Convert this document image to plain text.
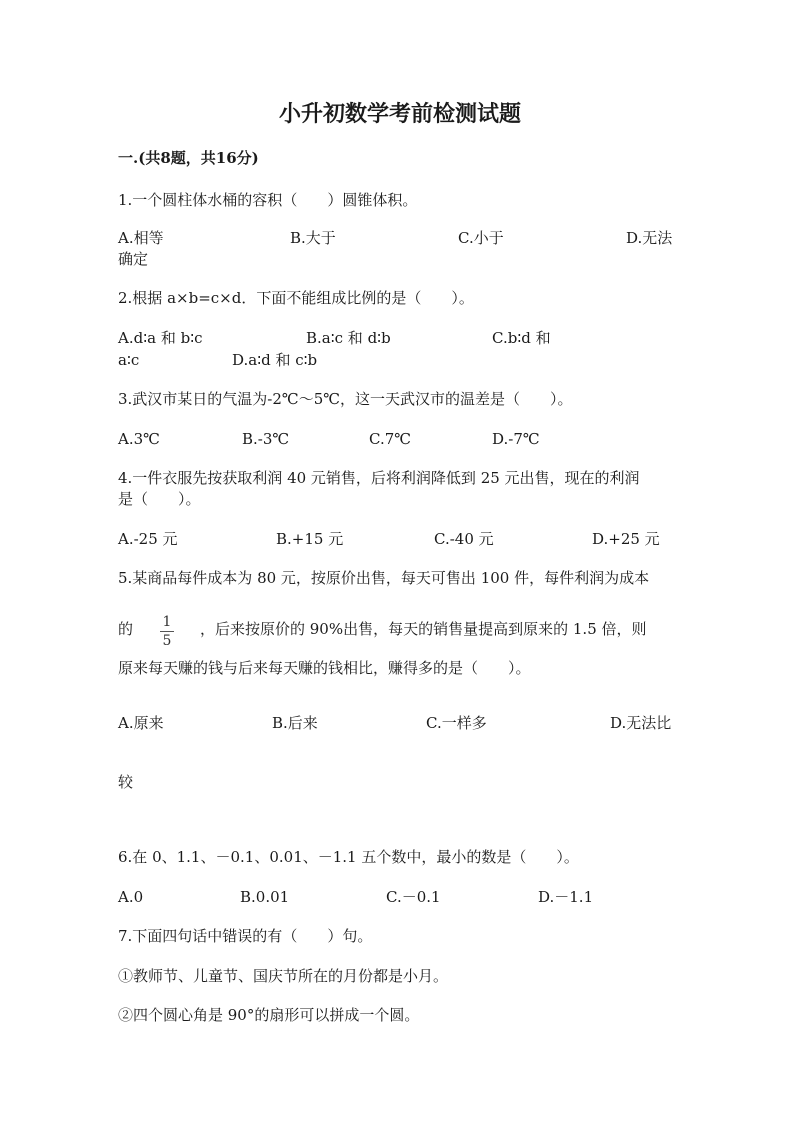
小升初数学考前检测试题
一.(共8题，共16分)
1.一个圆柱体水桶的容积（　　）圆锥体积。
A.相等	B.大于	C.小于	D.无法
确定
2.根据 a×b=c×d．下面不能组成比例的是（　　）。
A.d∶a 和 b∶c	B.a∶c 和 d∶b	C.b∶d 和
a∶c	D.a∶d 和 c∶b
3.武汉市某日的气温为-2℃～5℃，这一天武汉市的温差是（　　）。
A.3℃	B.-3℃	C.7℃	D.-7℃
4.一件衣服先按获取利润 40 元销售，后将利润降低到 25 元出售，现在的利润
是（　　）。
A.-25 元	B.+15 元	C.-40 元	D.+25 元
5.某商品每件成本为 80 元，按原价出售，每天可售出 100 件，每件利润为成本
的 1
5
，后来按原价的 90%出售，每天的销售量提高到原来的 1.5 倍，则
原来每天赚的钱与后来每天赚的钱相比，赚得多的是（　　）。
A.原来	B.后来	C.一样多	D.无法比
较
6.在 0、1.1、－0.1、0.01、－1.1 五个数中，最小的数是（　　）。
A.0	B.0.01	C.－0.1	D.－1.1
7.下面四句话中错误的有（　　）句。
①教师节、儿童节、国庆节所在的月份都是小月。
②四个圆心角是 90°的扇形可以拼成一个圆。
